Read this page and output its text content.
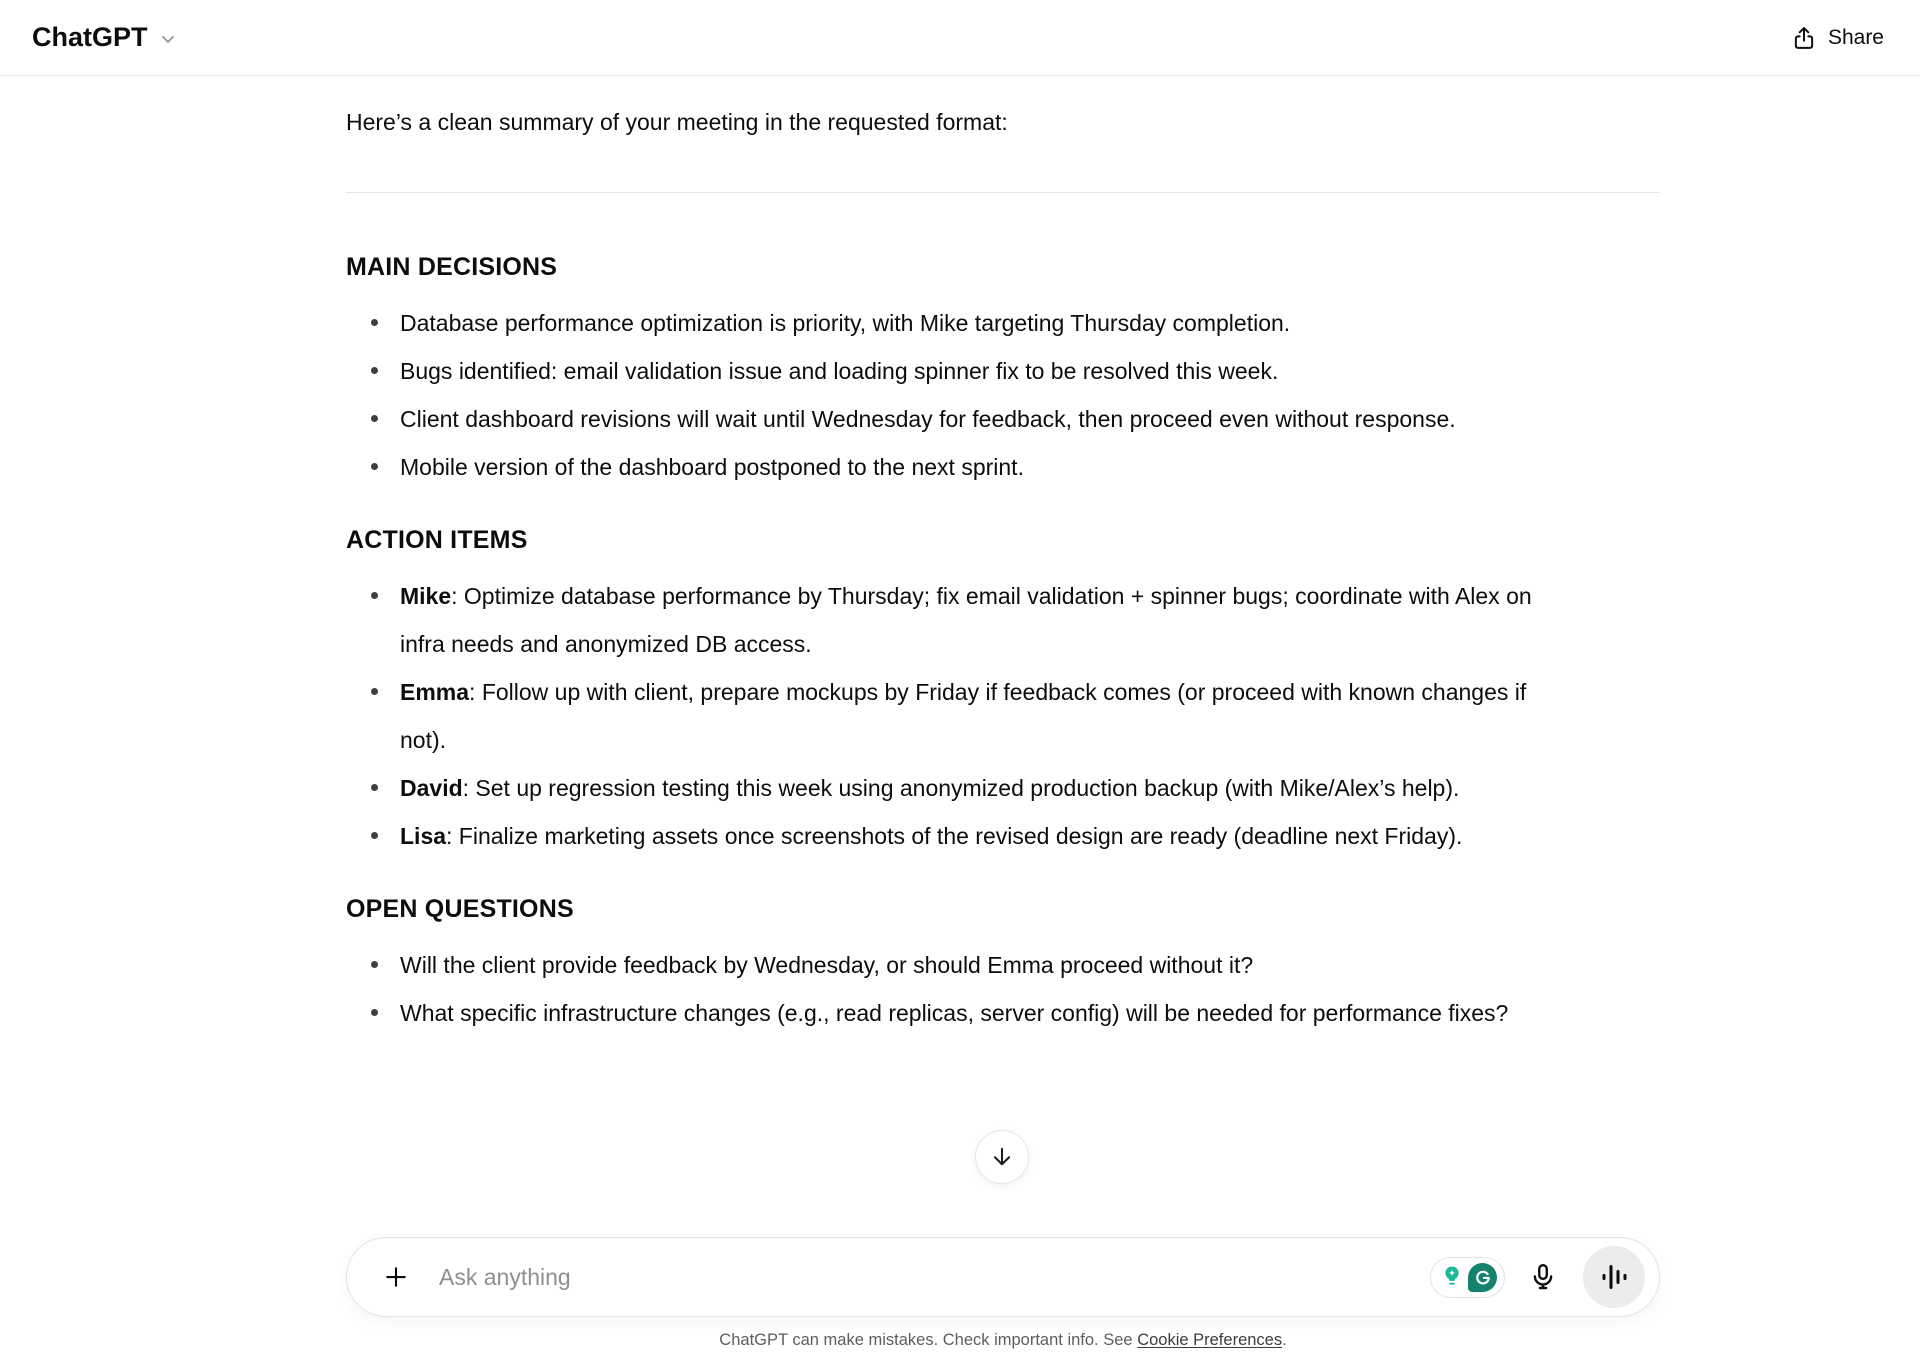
ChatGPT	Share

Here’s a clean summary of your meeting in the requested format:

MAIN DECISIONS
Database performance optimization is priority, with Mike targeting Thursday completion.
Bugs identified: email validation issue and loading spinner fix to be resolved this week.
Client dashboard revisions will wait until Wednesday for feedback, then proceed even without response.
Mobile version of the dashboard postponed to the next sprint.
ACTION ITEMS
Mike: Optimize database performance by Thursday; fix email validation + spinner bugs; coordinate with Alex on infra needs and anonymized DB access.
Emma: Follow up with client, prepare mockups by Friday if feedback comes (or proceed with known changes if not).
David: Set up regression testing this week using anonymized production backup (with Mike/Alex’s help).
Lisa: Finalize marketing assets once screenshots of the revised design are ready (deadline next Friday).
OPEN QUESTIONS
Will the client provide feedback by Wednesday, or should Emma proceed without it?
What specific infrastructure changes (e.g., read replicas, server config) will be needed for performance fixes?
Ask anything

ChatGPT can make mistakes. Check important info. See Cookie Preferences.
